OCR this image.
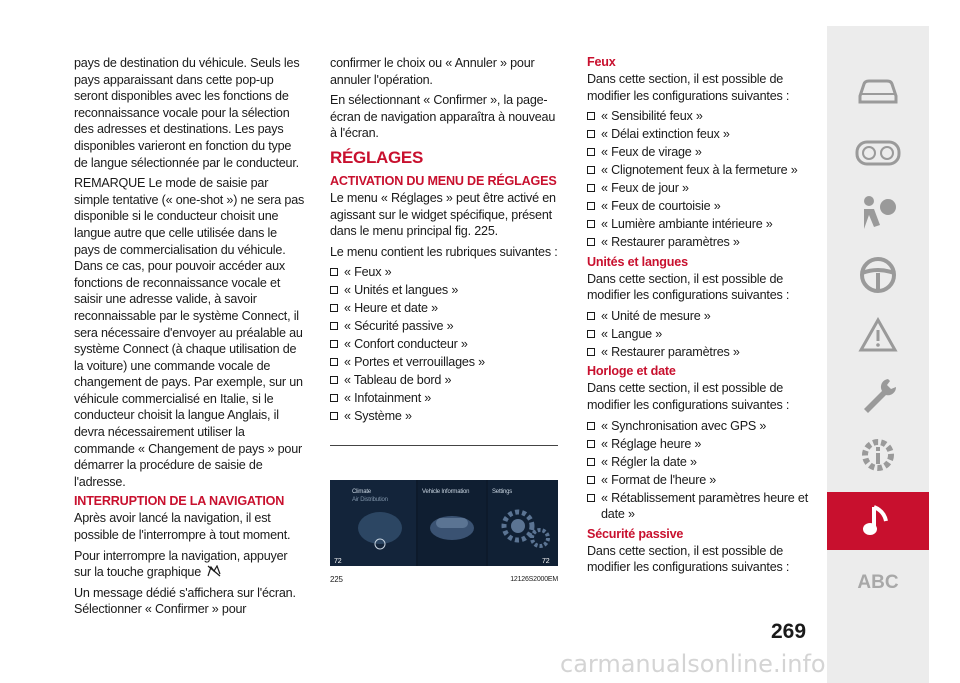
pays de destination du véhicule. Seuls les pays apparaissant dans cette pop-up seront disponibles avec les fonctions de reconnaissance vocale pour la sélection des adresses et destinations. Les pays disponibles varieront en fonction du type de langue sélectionnée par le conducteur.

REMARQUE Le mode de saisie par simple tentative (« one-shot ») ne sera pas disponible si le conducteur choisit une langue autre que celle utilisée dans le pays de commercialisation du véhicule. Dans ce cas, pour pouvoir accéder aux fonctions de reconnaissance vocale et saisir une adresse valide, à savoir reconnaissable par le système Connect, il sera nécessaire d'envoyer au préalable au système Connect (à chaque utilisation de la voiture) une commande vocale de changement de pays. Par exemple, sur un véhicule commercialisé en Italie, si le conducteur choisit la langue Anglais, il devra nécessairement utiliser la commande « Changement de pays » pour démarrer la procédure de saisie de l'adresse.

INTERRUPTION DE LA NAVIGATION

Après avoir lancé la navigation, il est possible de l'interrompre à tout moment.

Pour interrompre la navigation, appuyer sur la touche graphique

Un message dédié s'affichera sur l'écran. Sélectionner « Confirmer » pour

confirmer le choix ou « Annuler » pour annuler l'opération.

En sélectionnant « Confirmer », la page-écran de navigation apparaîtra à nouveau à l'écran.

RÉGLAGES
ACTIVATION DU MENU DE RÉGLAGES

Le menu « Réglages » peut être activé en agissant sur le widget spécifique, présent dans le menu principal fig. 225.

Le menu contient les rubriques suivantes :

« Feux »
« Unités et langues »
« Heure et date »
« Sécurité passive »
« Confort conducteur »
« Portes et verrouillages »
« Tableau de bord »
« Infotainment »
« Système »
Climate
Air Distribution
72
Vehicle Information	Settings
72
225	12126S2000EM
Feux

Dans cette section, il est possible de modifier les configurations suivantes :

« Sensibilité feux »
« Délai extinction feux »
« Feux de virage »
« Clignotement feux à la fermeture »
« Feux de jour »
« Feux de courtoisie »
« Lumière ambiante intérieure »
« Restaurer paramètres »
Unités et langues

Dans cette section, il est possible de modifier les configurations suivantes :

« Unité de mesure »
« Langue »
« Restaurer paramètres »
Horloge et date

Dans cette section, il est possible de modifier les configurations suivantes :

« Synchronisation avec GPS »
« Réglage heure »
« Régler la date »
« Format de l'heure »
« Rétablissement paramètres heure et date »
Sécurité passive

Dans cette section, il est possible de modifier les configurations suivantes :

ABC
269
carmanualsonline.info
